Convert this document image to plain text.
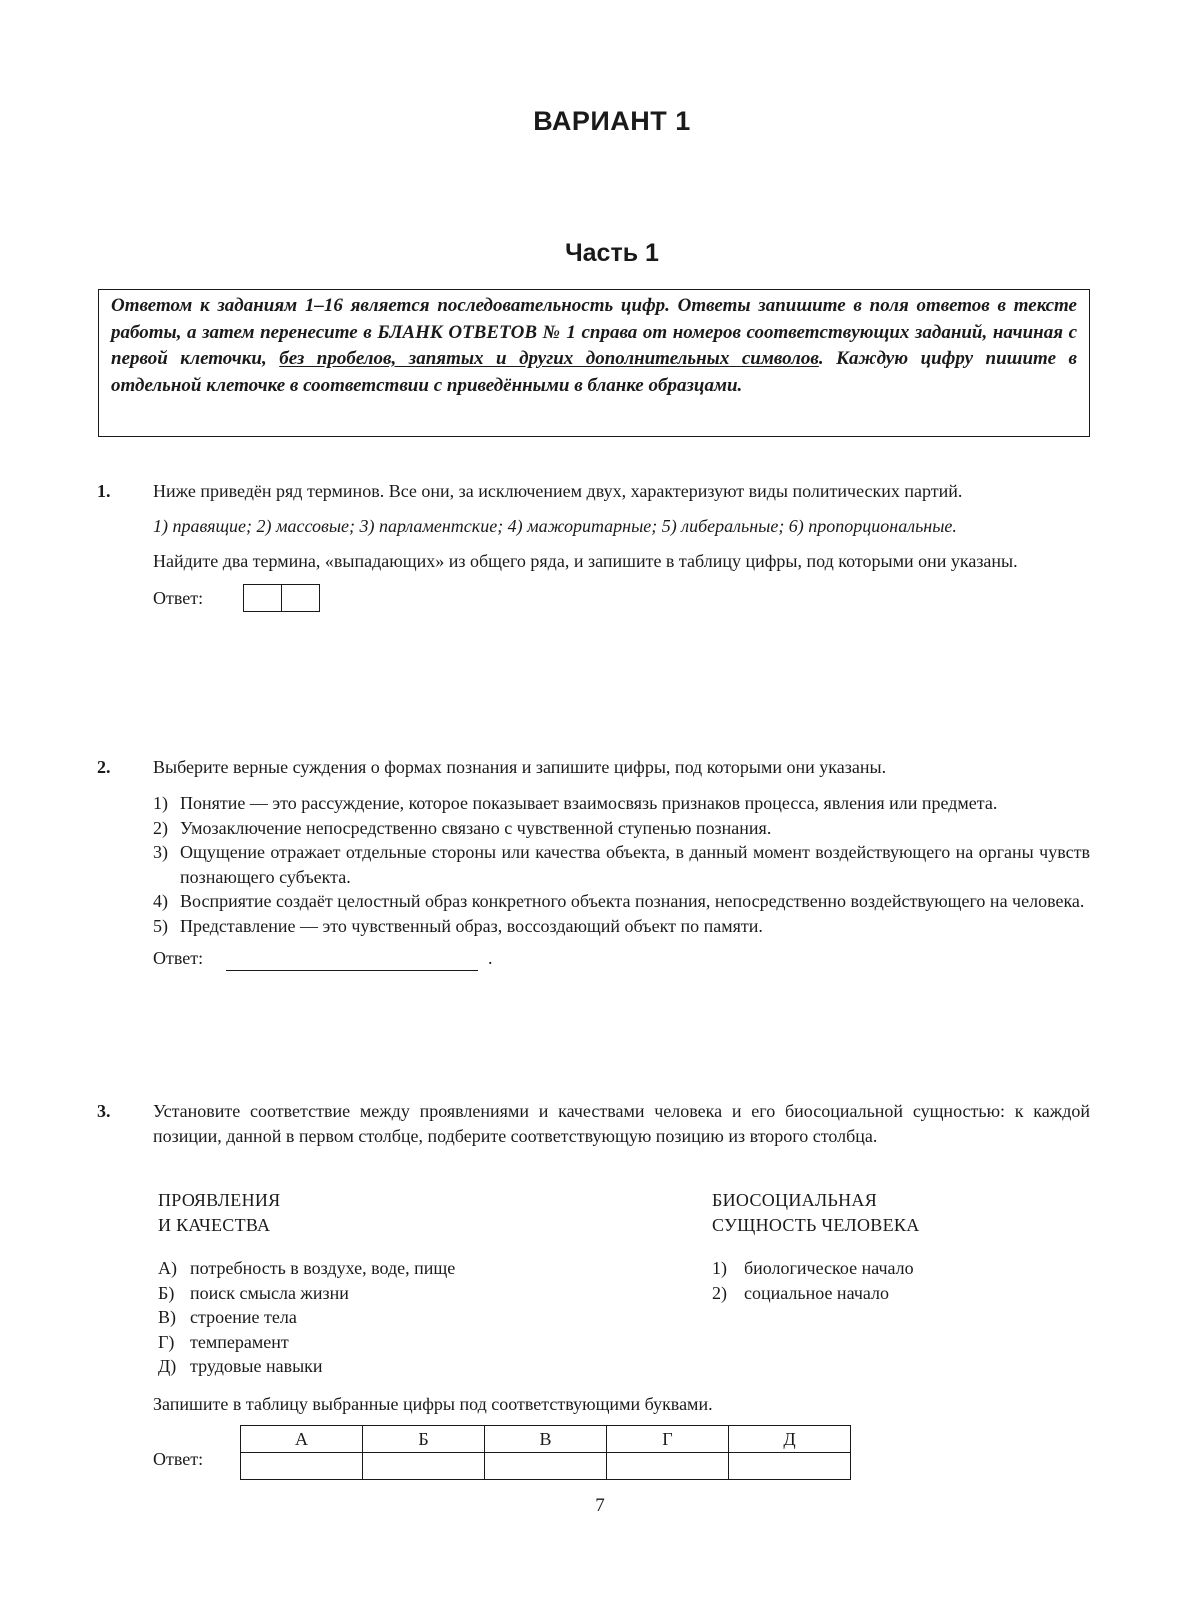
ВАРИАНТ 1
Часть 1

Ответом к заданиям 1–16 является последовательность цифр. Ответы запишите в поля ответов в тексте работы, а затем перенесите в БЛАНК ОТВЕТОВ № 1 справа от номеров соответствующих заданий, начиная с первой клеточки, без пробелов, запятых и других дополнительных символов. Каждую цифру пишите в отдельной клеточке в соответствии с приведёнными в бланке образцами.

1. Ниже приведён ряд терминов. Все они, за исключением двух, характеризуют виды политических партий.

1) правящие; 2) массовые; 3) парламентские; 4) мажоритарные; 5) либеральные; 6) пропорциональные.

Найдите два термина, «выпадающих» из общего ряда, и запишите в таблицу цифры, под которыми они указаны.

Ответ:
2. Выберите верные суждения о формах познания и запишите цифры, под которыми они указаны.

1) Понятие — это рассуждение, которое показывает взаимосвязь признаков процесса, явления или предмета.
2) Умозаключение непосредственно связано с чувственной ступенью познания.
3) Ощущение отражает отдельные стороны или качества объекта, в данный момент воздействующего на органы чувств познающего субъекта.
4) Восприятие создаёт целостный образ конкретного объекта познания, непосредственно воздействующего на человека.
5) Представление — это чувственный образ, воссоздающий объект по памяти.
Ответ:	.
3. Установите соответствие между проявлениями и качествами человека и его биосоциальной сущностью: к каждой позиции, данной в первом столбце, подберите соответствующую позицию из второго столбца.

ПРОЯВЛЕНИЯ
И КАЧЕСТВА
БИОСОЦИАЛЬНАЯ
СУЩНОСТЬ ЧЕЛОВЕКА
А) потребность в воздухе, воде, пище
Б) поиск смысла жизни
В) строение тела
Г) темперамент
Д) трудовые навыки
1) биологическое начало
2) социальное начало
Запишите в таблицу выбранные цифры под соответствующими буквами.
Ответ:
А	Б	В	Г	Д

7
